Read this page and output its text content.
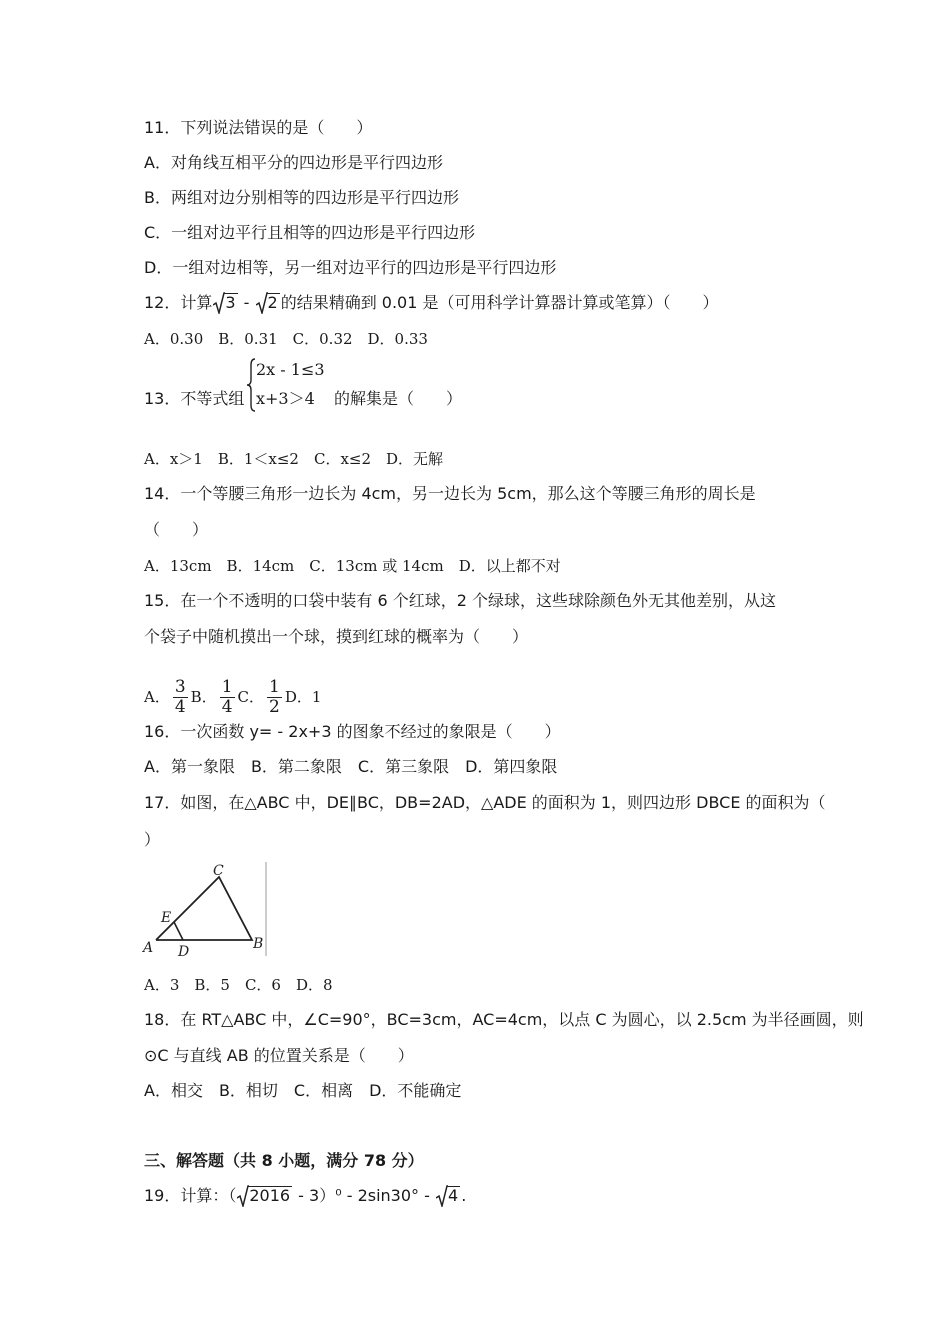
11．下列说法错误的是（　　）
A．对角线互相平分的四边形是平行四边形
B．两组对边分别相等的四边形是平行四边形
C．一组对边平行且相等的四边形是平行四边形
D．一组对边相等，另一组对边平行的四边形是平行四边形
12．计算 3 -
2 的结果精确到 0.01 是（可用科学计算器计算或笔算）（　　）
A．0.30　B．0.31　C．0.32　D．0.33
13．不等式组
2x - 1≤3
x+3＞4 的解集是（　　）
A．x＞1　B．1＜x≤2　C．x≤2　D．无解
14．一个等腰三角形一边长为 4cm，另一边长为 5cm，那么这个等腰三角形的周长是
（　　）
A．13cm　B．14cm　C．13cm 或 14cm　D．以上都不对
15．在一个不透明的口袋中装有 6 个红球，2 个绿球，这些球除颜色外无其他差别，从这
个袋子中随机摸出一个球，摸到红球的概率为（　　）
A． $\frac{3}{4}$ B． $\frac{1}{4}$ C． $\frac{1}{2}$ D．1
16．一次函数 y= - 2x+3 的图象不经过的象限是（　　）
A．第一象限　B．第二象限　C．第三象限　D．第四象限
17．如图，在△ABC 中，DE∥BC，DB=2AD，△ADE 的面积为 1，则四边形 DBCE 的面积为（
）
C
E
A D	B
A．3　B．5　C．6　D．8
18．在 RT△ABC 中，∠C=90°，BC=3cm，AC=4cm，以点 C 为圆心，以 2.5cm 为半径画圆，则
⊙C 与直线 AB 的位置关系是（　　）
A．相交　B．相切　C．相离　D．不能确定
三、解答题（共 8 小题，满分 78 分）
19．计算：（ 2016 - 3）⁰ - 2sin30° -
4 .
